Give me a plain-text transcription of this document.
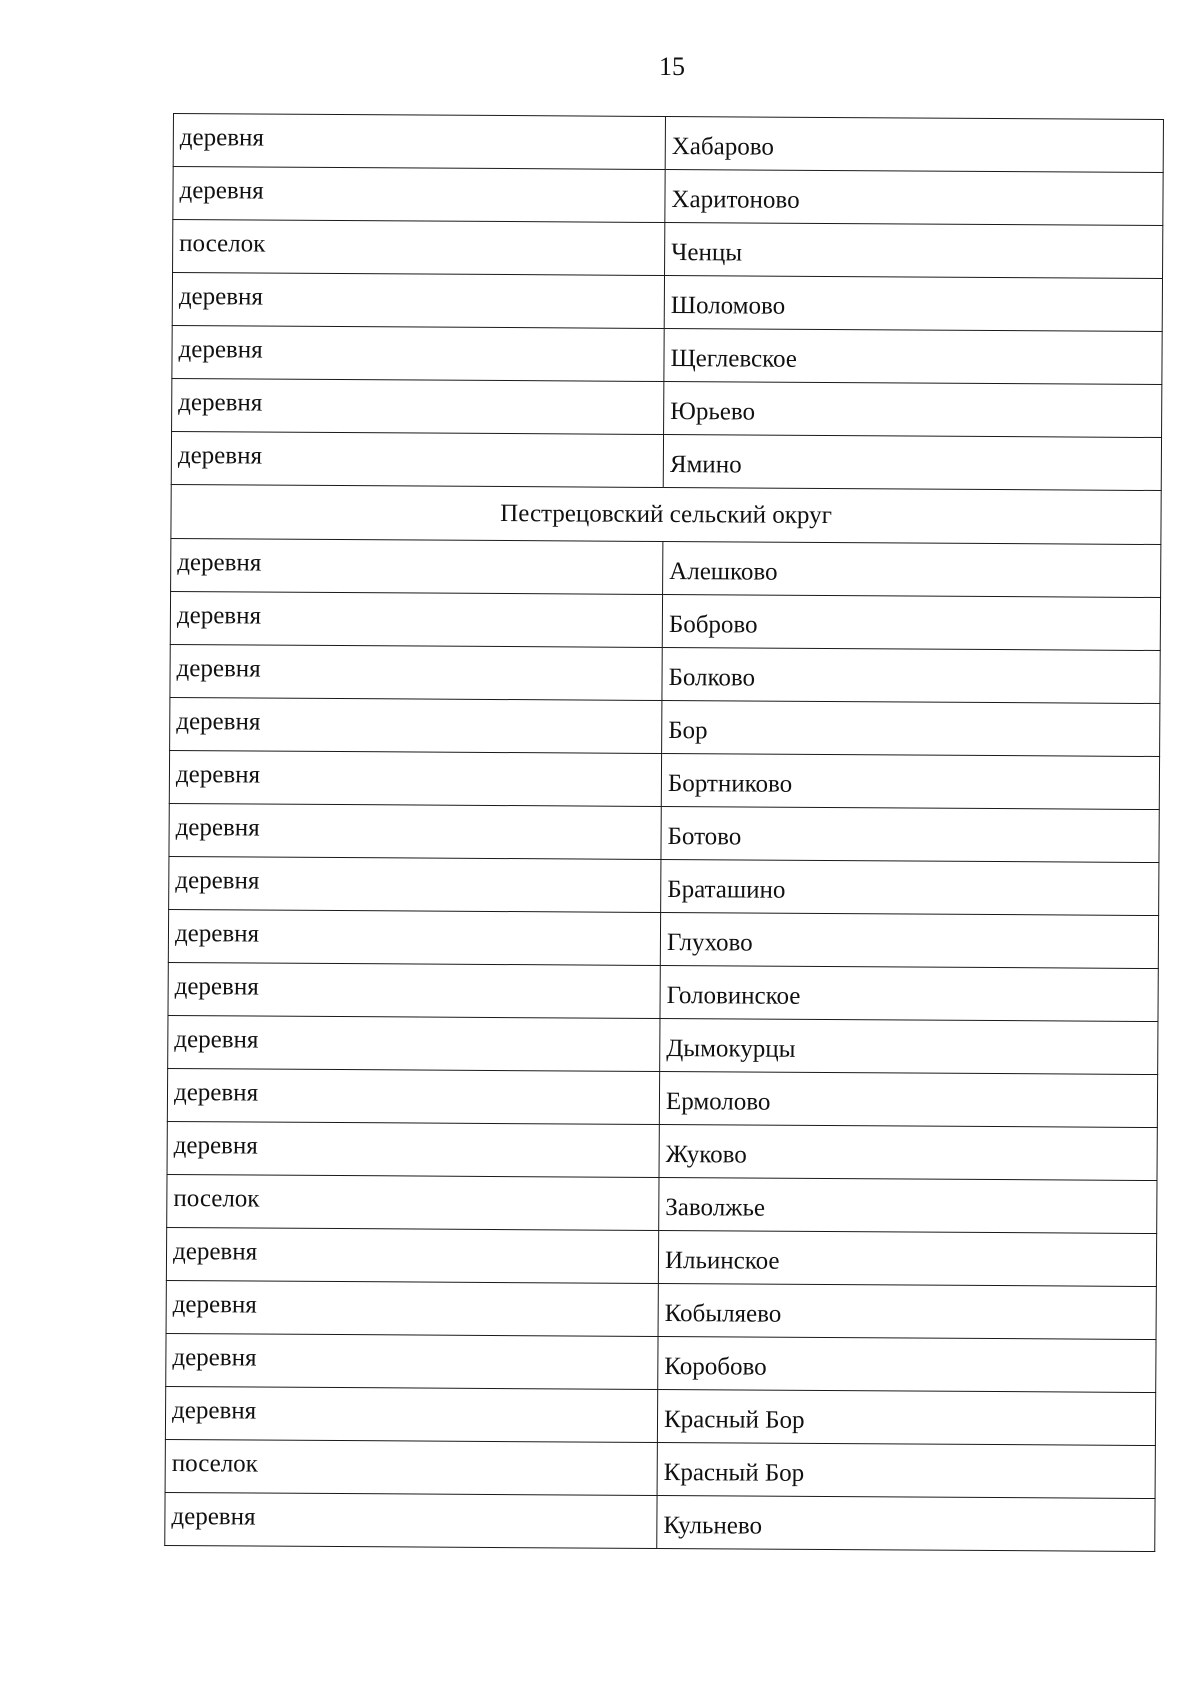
15
деревня	Хабарово
деревня	Харитоново
поселок	Ченцы
деревня	Шоломово
деревня	Щеглевское
деревня	Юрьево
деревня	Ямино
Пестрецовский сельский округ	
деревня	Алешково
деревня	Боброво
деревня	Болково
деревня	Бор
деревня	Бортниково
деревня	Ботово
деревня	Браташино
деревня	Глухово
деревня	Головинское
деревня	Дымокурцы
деревня	Ермолово
деревня	Жуково
поселок	Заволжье
деревня	Ильинское
деревня	Кобыляево
деревня	Коробово
деревня	Красный Бор
поселок	Красный Бор
деревня	Кульнево
